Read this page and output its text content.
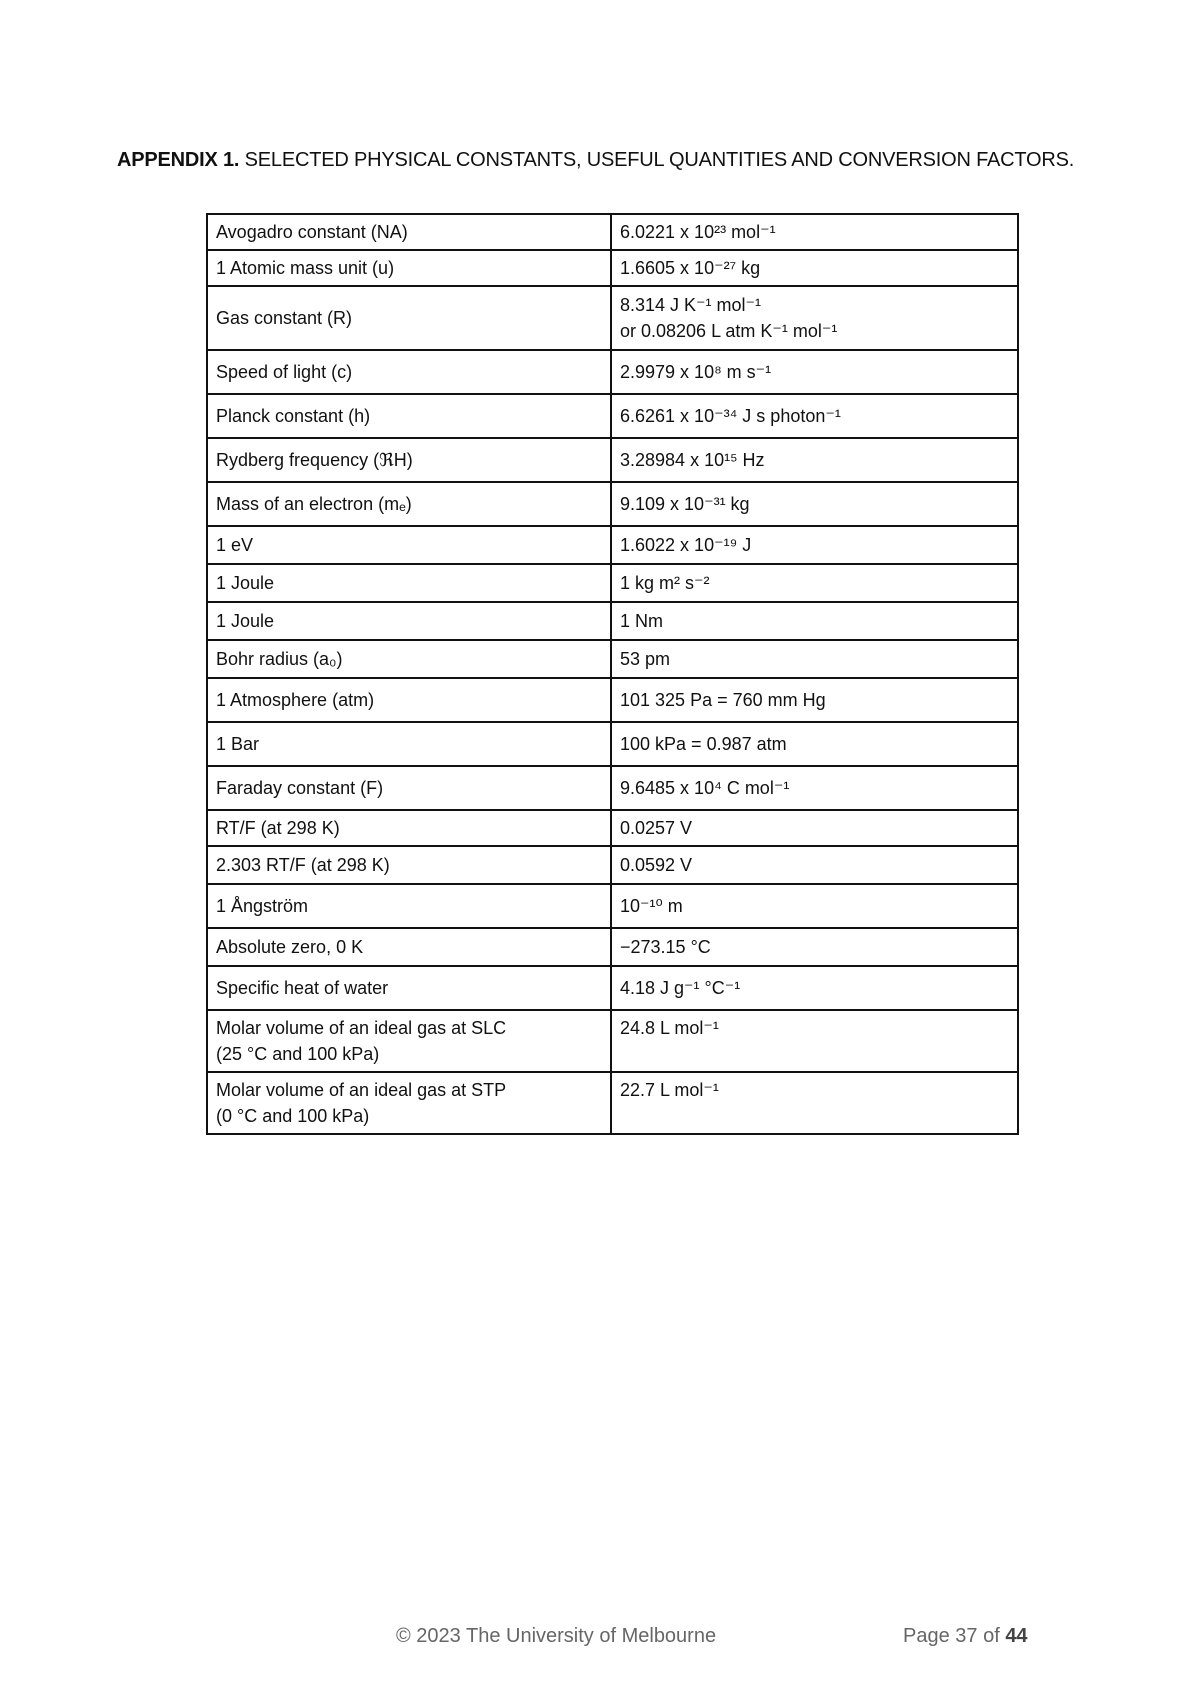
APPENDIX 1. SELECTED PHYSICAL CONSTANTS, USEFUL QUANTITIES AND CONVERSION FACTORS.
Avogadro constant (NA)	6.0221 x 10²³ mol⁻¹

1 Atomic mass unit (u)	1.6605 x 10⁻²⁷ kg

Gas constant (R)	8.314 J K⁻¹ mol⁻¹
or 0.08206 L atm K⁻¹ mol⁻¹

Speed of light (c)	2.9979 x 10⁸ m s⁻¹

Planck constant (h)	6.6261 x 10⁻³⁴ J s photon⁻¹

Rydberg frequency (ℜH)	3.28984 x 10¹⁵ Hz

Mass of an electron (mₑ)	9.109 x 10⁻³¹ kg

1 eV	1.6022 x 10⁻¹⁹ J

1 Joule	1 kg m² s⁻²

1 Joule	1 Nm

Bohr radius (a₀)	53 pm

1 Atmosphere (atm)	101 325 Pa = 760 mm Hg

1 Bar	100 kPa = 0.987 atm

Faraday constant (F)	9.6485 x 10⁴ C mol⁻¹

RT/F (at 298 K)	0.0257 V

2.303 RT/F (at 298 K)	0.0592 V

1 Ångström	10⁻¹⁰ m

Absolute zero, 0 K	−273.15 °C

Specific heat of water	4.18 J g⁻¹ °C⁻¹

Molar volume of an ideal gas at SLC
(25 °C and 100 kPa)	24.8 L mol⁻¹

Molar volume of an ideal gas at STP
(0 °C and 100 kPa)	22.7 L mol⁻¹
© 2023 The University of Melbourne	Page 37 of 44
